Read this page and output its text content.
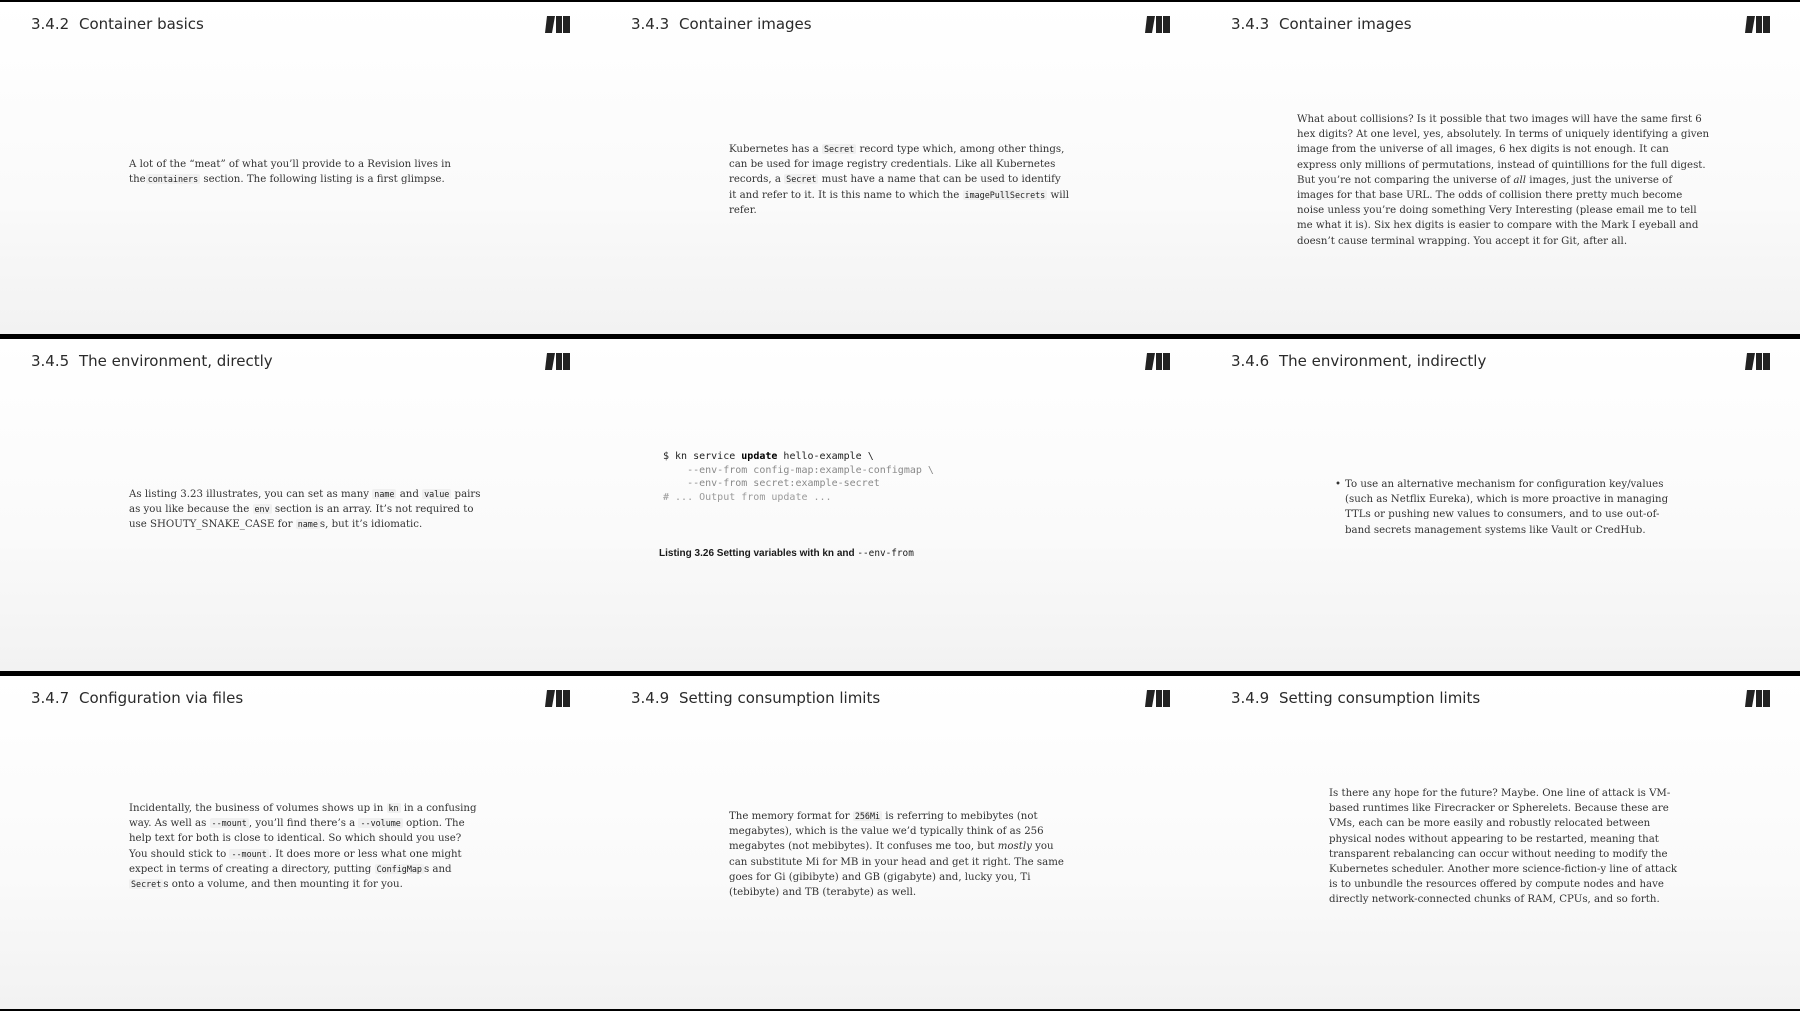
3.4.2 Container basics
A lot of the “meat” of what you’ll provide to a Revision lives in the containers section. The following listing is a first glimpse.
3.4.3 Container images
Kubernetes has a Secret record type which, among other things, can be used for image registry credentials. Like all Kubernetes records, a Secret must have a name that can be used to identify it and refer to it. It is this name to which the imagePullSecrets will refer.
3.4.3 Container images
What about collisions? Is it possible that two images will have the same first 6 hex digits? At one level, yes, absolutely. In terms of uniquely identifying a given image from the universe of all images, 6 hex digits is not enough. It can express only millions of permutations, instead of quintillions for the full digest. But you’re not comparing the universe of all images, just the universe of images for that base URL. The odds of collision there pretty much become noise unless you’re doing something Very Interesting (please email me to tell me what it is). Six hex digits is easier to compare with the Mark I eyeball and doesn’t cause terminal wrapping. You accept it for Git, after all.
3.4.5 The environment, directly
As listing 3.23 illustrates, you can set as many name and value pairs as you like because the env section is an array. It’s not required to use SHOUTY_SNAKE_CASE for name s, but it’s idiomatic.
$ kn service update hello-example \
--env-from config-map:example-configmap \
--env-from secret:example-secret
# ... Output from update ...
Listing 3.26 Setting variables with kn and --env-from
3.4.6 The environment, indirectly
• To use an alternative mechanism for configuration key/values (such as Netflix Eureka), which is more proactive in managing TTLs or pushing new values to consumers, and to use out-of-band secrets management systems like Vault or CredHub.
3.4.7 Configuration via files
Incidentally, the business of volumes shows up in kn in a confusing way. As well as --mount , you’ll find there’s a --volume option. The help text for both is close to identical. So which should you use? You should stick to --mount . It does more or less what one might expect in terms of creating a directory, putting ConfigMap s and Secret s onto a volume, and then mounting it for you.
3.4.9 Setting consumption limits
The memory format for 256Mi is referring to mebibytes (not megabytes), which is the value we’d typically think of as 256 megabytes (not mebibytes). It confuses me too, but mostly you can substitute Mi for MB in your head and get it right. The same goes for Gi (gibibyte) and GB (gigabyte) and, lucky you, Ti (tebibyte) and TB (terabyte) as well.
3.4.9 Setting consumption limits
Is there any hope for the future? Maybe. One line of attack is VM-based runtimes like Firecracker or Spherelets. Because these are VMs, each can be more easily and robustly relocated between physical nodes without appearing to be restarted, meaning that transparent rebalancing can occur without needing to modify the Kubernetes scheduler. Another more science-fiction-y line of attack is to unbundle the resources offered by compute nodes and have directly network-connected chunks of RAM, CPUs, and so forth.
